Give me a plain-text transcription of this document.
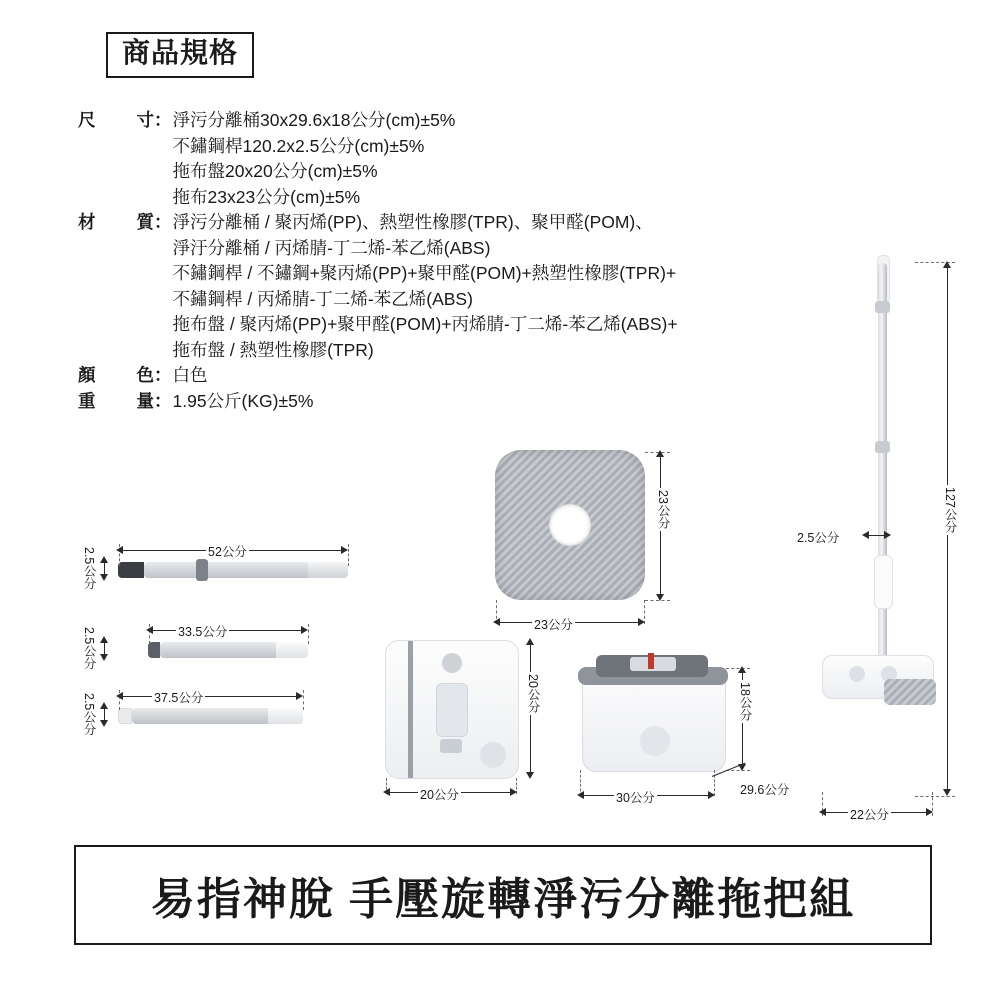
商品規格
尺寸 ： 淨污分離桶30x29.6x18公分(cm)±5%
不鏽鋼桿120.2x2.5公分(cm)±5%
拖布盤20x20公分(cm)±5%
拖布23x23公分(cm)±5%
材質 ： 淨污分離桶 / 聚丙烯(PP)、熱塑性橡膠(TPR)、聚甲醛(POM)、
淨汙分離桶 / 丙烯腈-丁二烯-苯乙烯(ABS)
不鏽鋼桿 / 不鏽鋼+聚丙烯(PP)+聚甲醛(POM)+熱塑性橡膠(TPR)+
不鏽鋼桿 / 丙烯腈-丁二烯-苯乙烯(ABS)
拖布盤 / 聚丙烯(PP)+聚甲醛(POM)+丙烯腈-丁二烯-苯乙烯(ABS)+
拖布盤 / 熱塑性橡膠(TPR)
顏色 ： 白色
重量 ： 1.95公斤(KG)±5%
23公分
23公分
20公分
20公分
18公分
30公分
29.6公分
127公分
2.5公分
22公分
52公分
2.5公分
33.5公分
2.5公分
37.5公分
2.5公分
易指神脫 手壓旋轉淨污分離拖把組
